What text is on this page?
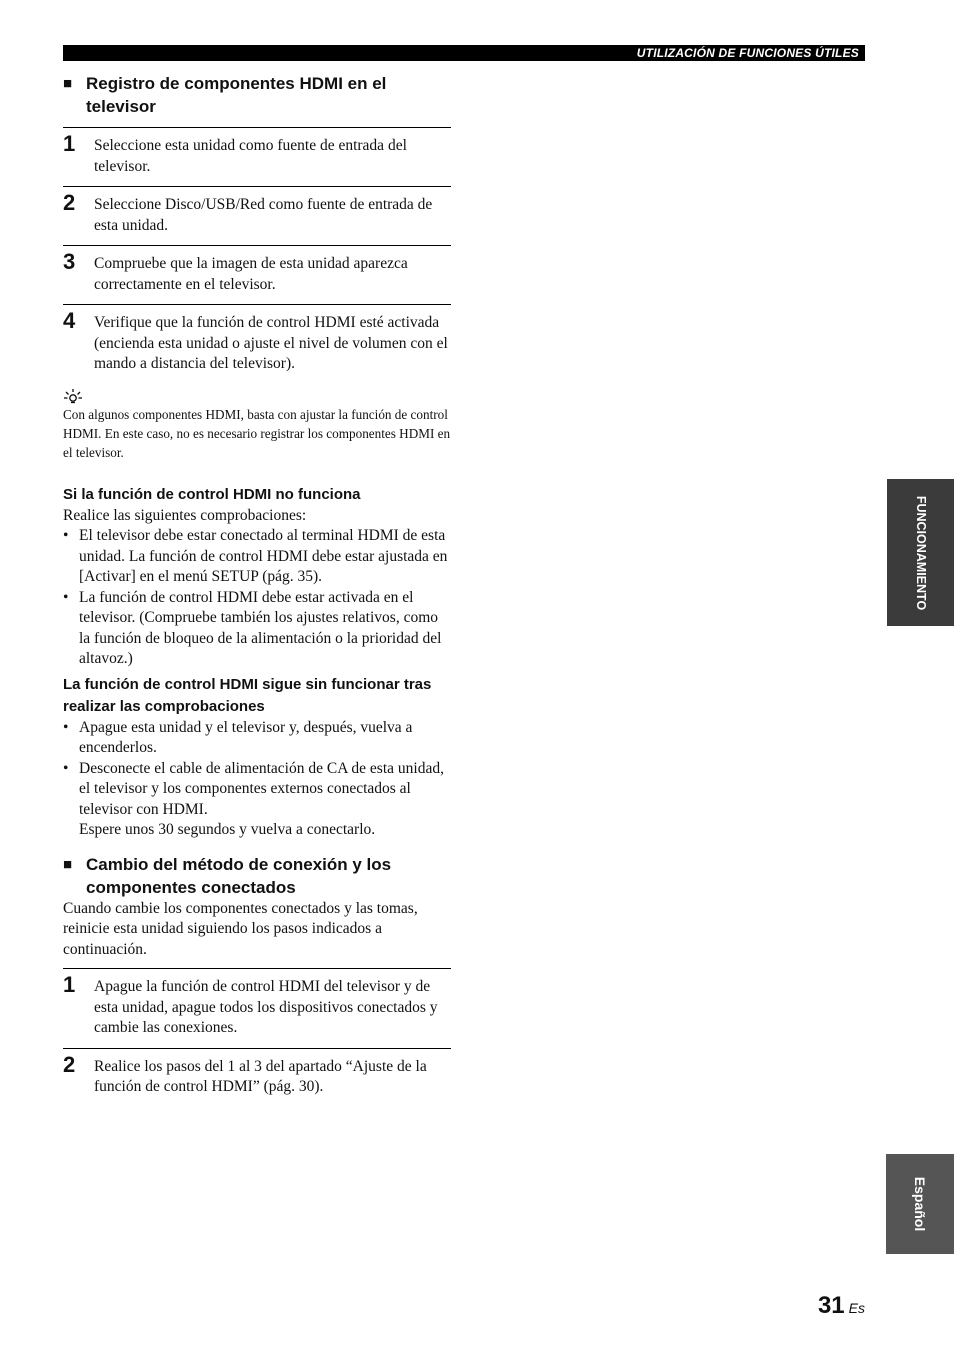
UTILIZACIÓN DE FUNCIONES ÚTILES
■ Registro de componentes HDMI en el televisor
1	Seleccione esta unidad como fuente de entrada del televisor.
2	Seleccione Disco/USB/Red como fuente de entrada de esta unidad.
3	Compruebe que la imagen de esta unidad aparezca correctamente en el televisor.
4	Verifique que la función de control HDMI esté activada (encienda esta unidad o ajuste el nivel de volumen con el mando a distancia del televisor).
Con algunos componentes HDMI, basta con ajustar la función de control HDMI. En este caso, no es necesario registrar los componentes HDMI en el televisor.
Si la función de control HDMI no funciona
Realice las siguientes comprobaciones:
• El televisor debe estar conectado al terminal HDMI de esta unidad. La función de control HDMI debe estar ajustada en [Activar] en el menú SETUP (pág. 35).
• La función de control HDMI debe estar activada en el televisor. (Compruebe también los ajustes relativos, como la función de bloqueo de la alimentación o la prioridad del altavoz.)
La función de control HDMI sigue sin funcionar tras realizar las comprobaciones
• Apague esta unidad y el televisor y, después, vuelva a encenderlos.
• Desconecte el cable de alimentación de CA de esta unidad, el televisor y los componentes externos conectados al televisor con HDMI.
Espere unos 30 segundos y vuelva a conectarlo.
■ Cambio del método de conexión y los componentes conectados
Cuando cambie los componentes conectados y las tomas, reinicie esta unidad siguiendo los pasos indicados a continuación.
1	Apague la función de control HDMI del televisor y de esta unidad, apague todos los dispositivos conectados y cambie las conexiones.
2	Realice los pasos del 1 al 3 del apartado “Ajuste de la función de control HDMI” (pág. 30).
FUNCIONAMIENTO
Español
31 Es
